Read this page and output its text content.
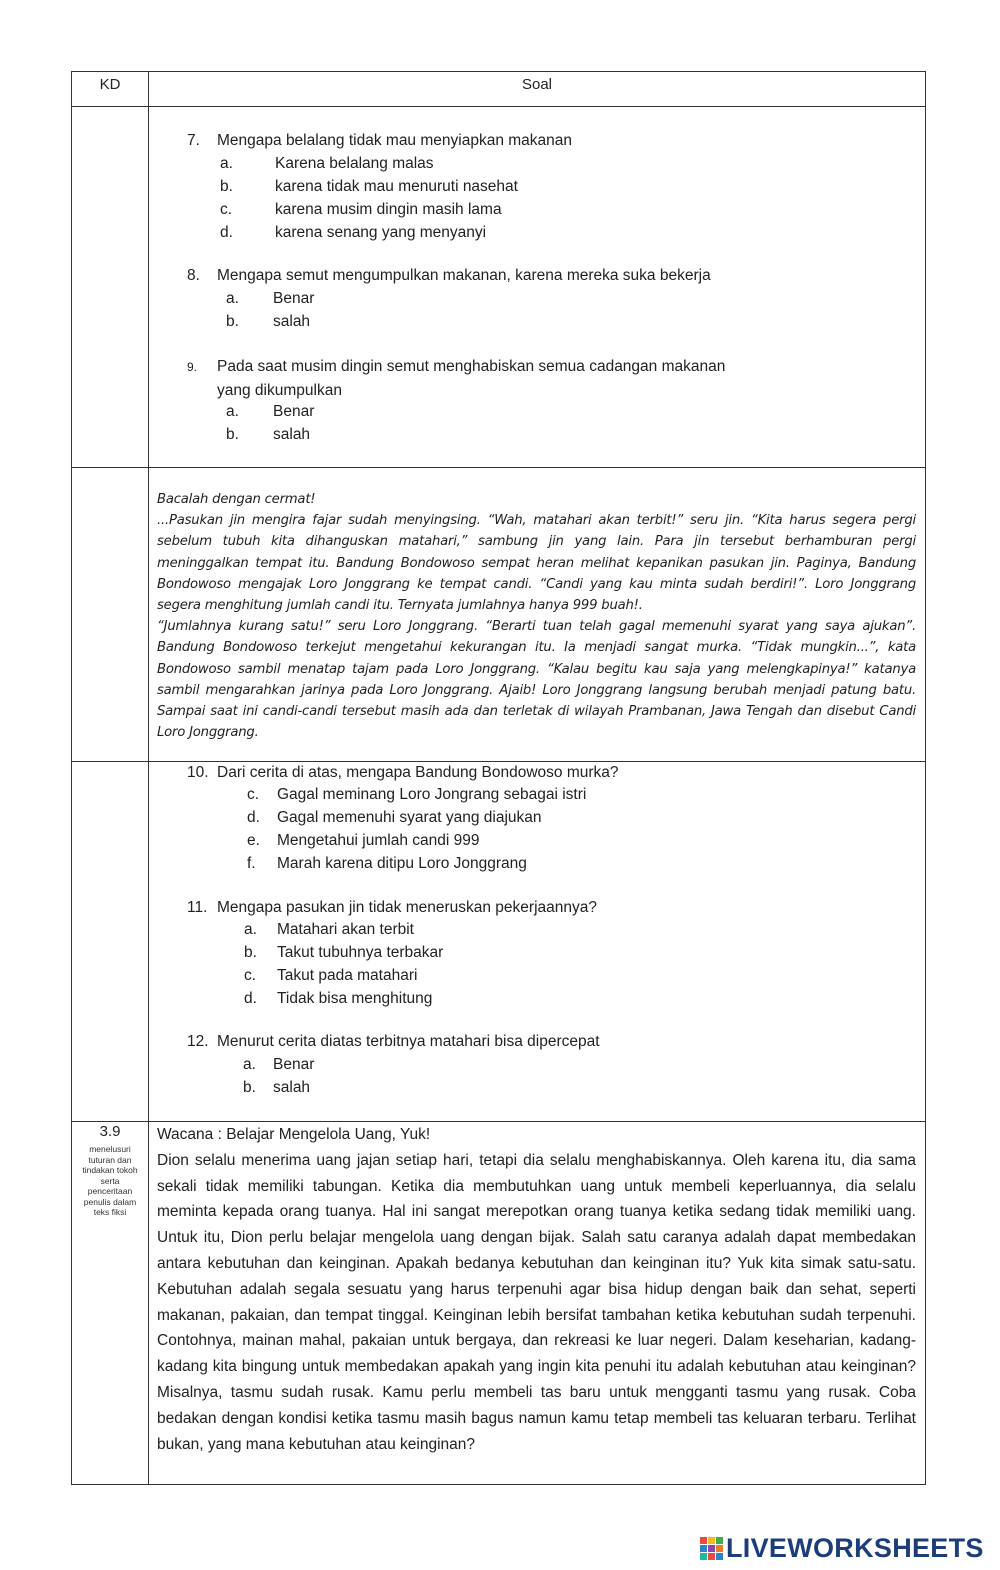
KD	Soal
7. Mengapa belalang tidak mau menyiapkan makanan
a.	Karena belalang malas
b.	karena tidak mau menuruti nasehat
c.	karena musim dingin masih lama
d.	karena senang yang menyanyi
8. Mengapa semut mengumpulkan makanan, karena mereka suka bekerja
a. Benar
b. salah
9. Pada saat musim dingin semut menghabiskan semua cadangan makanan
yang dikumpulkan
a. Benar
b. salah

Bacalah dengan cermat!

...Pasukan jin mengira fajar sudah menyingsing. “Wah, matahari akan terbit!” seru jin. “Kita harus segera pergi sebelum tubuh kita dihanguskan matahari,” sambung jin yang lain. Para jin tersebut berhamburan pergi meninggalkan tempat itu. Bandung Bondowoso sempat heran melihat kepanikan pasukan jin. Paginya, Bandung Bondowoso mengajak Loro Jonggrang ke tempat candi. “Candi yang kau minta sudah berdiri!”. Loro Jonggrang segera menghitung jumlah candi itu. Ternyata jumlahnya hanya 999 buah!.

“Jumlahnya kurang satu!” seru Loro Jonggrang. “Berarti tuan telah gagal memenuhi syarat yang saya ajukan”. Bandung Bondowoso terkejut mengetahui kekurangan itu. Ia menjadi sangat murka. “Tidak mungkin...”, kata Bondowoso sambil menatap tajam pada Loro Jonggrang. “Kalau begitu kau saja yang melengkapinya!” katanya sambil mengarahkan jarinya pada Loro Jonggrang. Ajaib! Loro Jonggrang langsung berubah menjadi patung batu. Sampai saat ini candi-candi tersebut masih ada dan terletak di wilayah Prambanan, Jawa Tengah dan disebut Candi Loro Jonggrang.

10. Dari cerita di atas, mengapa Bandung Bondowoso murka?
c. Gagal meminang Loro Jongrang sebagai istri
d. Gagal memenuhi syarat yang diajukan
e. Mengetahui jumlah candi 999
f. Marah karena ditipu Loro Jonggrang
11. Mengapa pasukan jin tidak meneruskan pekerjaannya?
a. Matahari akan terbit
b. Takut tubuhnya terbakar
c. Takut pada matahari
d. Tidak bisa menghitung
12. Menurut cerita diatas terbitnya matahari bisa dipercepat
a. Benar
b. salah
3.9
menelusuri tuturan dan tindakan tokoh serta penceritaan penulis dalam teks fiksi

Wacana : Belajar Mengelola Uang, Yuk!

Dion selalu menerima uang jajan setiap hari, tetapi dia selalu menghabiskannya. Oleh karena itu, dia sama sekali tidak memiliki tabungan. Ketika dia membutuhkan uang untuk membeli keperluannya, dia selalu meminta kepada orang tuanya. Hal ini sangat merepotkan orang tuanya ketika sedang tidak memiliki uang. Untuk itu, Dion perlu belajar mengelola uang dengan bijak. Salah satu caranya adalah dapat membedakan antara kebutuhan dan keinginan. Apakah bedanya kebutuhan dan keinginan itu? Yuk kita simak satu-satu. Kebutuhan adalah segala sesuatu yang harus terpenuhi agar bisa hidup dengan baik dan sehat, seperti makanan, pakaian, dan tempat tinggal. Keinginan lebih bersifat tambahan ketika kebutuhan sudah terpenuhi. Contohnya, mainan mahal, pakaian untuk bergaya, dan rekreasi ke luar negeri. Dalam keseharian, kadang-kadang kita bingung untuk membedakan apakah yang ingin kita penuhi itu adalah kebutuhan atau keinginan? Misalnya, tasmu sudah rusak. Kamu perlu membeli tas baru untuk mengganti tasmu yang rusak. Coba bedakan dengan kondisi ketika tasmu masih bagus namun kamu tetap membeli tas keluaran terbaru. Terlihat bukan, yang mana kebutuhan atau keinginan?

LIVEWORKSHEETS
